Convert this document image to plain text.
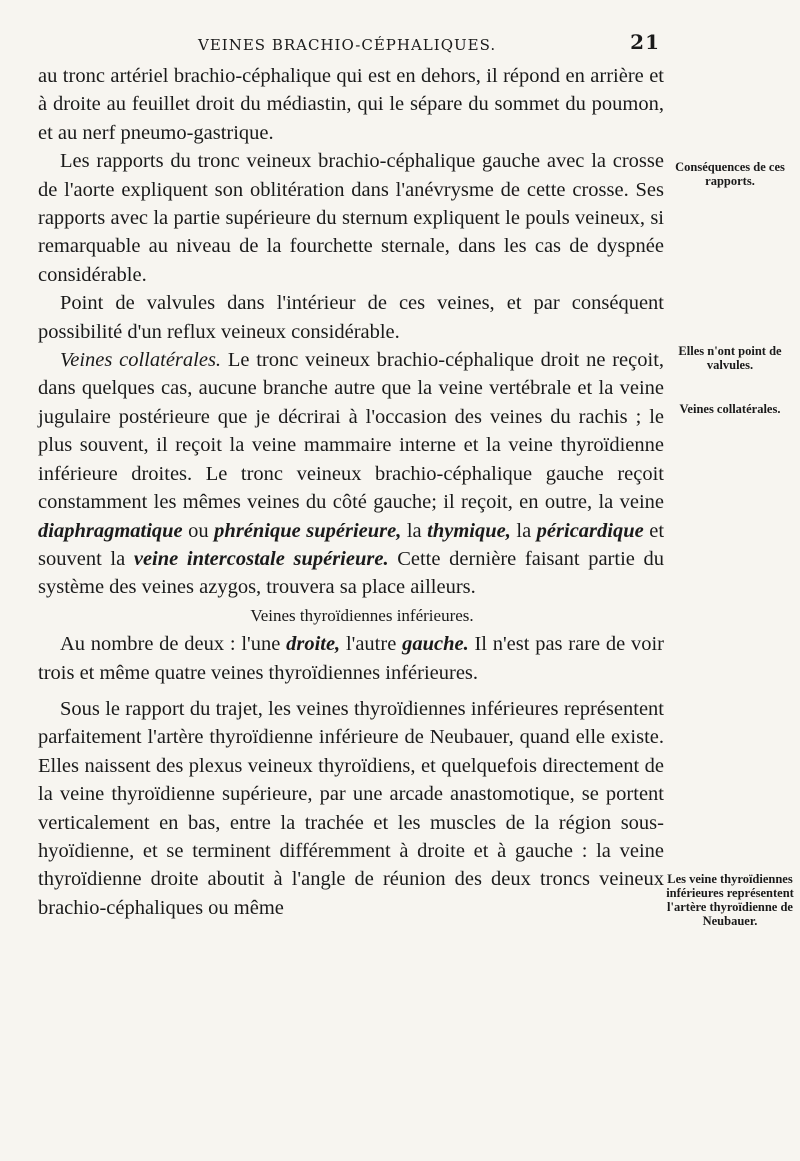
VEINES BRACHIO-CÉPHALIQUES.	21

au tronc artériel brachio-céphalique qui est en dehors, il répond en arrière et à droite au feuillet droit du médiastin, qui le sépare du sommet du poumon, et au nerf pneumo-gastrique.

Les rapports du tronc veineux brachio-céphalique gauche avec la crosse de l'aorte expliquent son oblitération dans l'anévrysme de cette crosse. Ses rapports avec la partie supérieure du sternum expliquent le pouls veineux, si remarquable au niveau de la fourchette sternale, dans les cas de dyspnée considérable.

Point de valvules dans l'intérieur de ces veines, et par conséquent possibilité d'un reflux veineux considérable.

Veines collatérales. Le tronc veineux brachio-céphalique droit ne reçoit, dans quelques cas, aucune branche autre que la veine vertébrale et la veine jugulaire postérieure que je décrirai à l'occasion des veines du rachis ; le plus souvent, il reçoit la veine mammaire interne et la veine thyroïdienne inférieure droites. Le tronc veineux brachio-céphalique gauche reçoit constamment les mêmes veines du côté gauche; il reçoit, en outre, la veine diaphragmatique ou phrénique supérieure, la thymique, la péricardique et souvent la veine intercostale supérieure. Cette dernière faisant partie du système des veines azygos, trouvera sa place ailleurs.

Veines thyroïdiennes inférieures.

Au nombre de deux : l'une droite, l'autre gauche. Il n'est pas rare de voir trois et même quatre veines thyroïdiennes inférieures.

Sous le rapport du trajet, les veines thyroïdiennes inférieures représentent parfaitement l'artère thyroïdienne inférieure de Neubauer, quand elle existe. Elles naissent des plexus veineux thyroïdiens, et quelquefois directement de la veine thyroïdienne supérieure, par une arcade anastomotique, se portent verticalement en bas, entre la trachée et les muscles de la région sous-hyoïdienne, et se terminent différemment à droite et à gauche : la veine thyroïdienne droite aboutit à l'angle de réunion des deux troncs veineux brachio-céphaliques ou même

Conséquences de ces rapports.
Elles n'ont point de valvules.
Veines collatérales.
Les veine thyroïdiennes inférieures représentent l'artère thyroïdienne de Neubauer.
